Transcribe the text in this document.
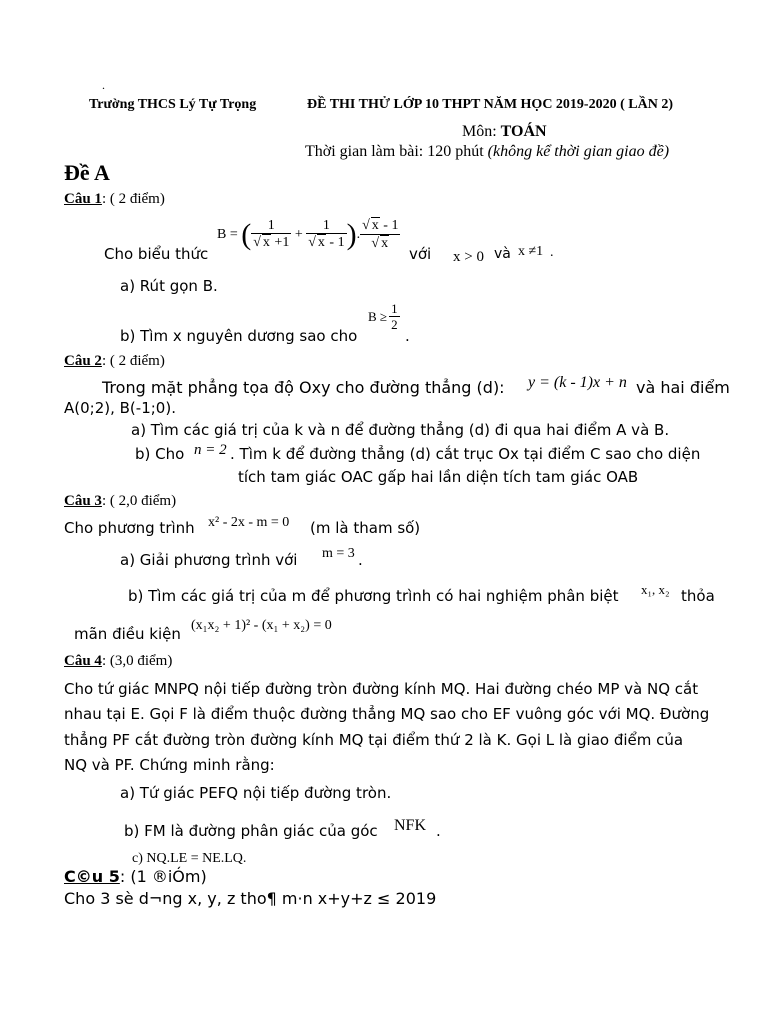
.
Trường THCS Lý Tự Trọng	ĐỀ THI THỬ LỚP 10 THPT NĂM HỌC 2019-2020 ( LẦN 2)
Môn: TOÁN
Thời gian làm bài: 120 phút (không kể thời gian giao đề)
Đề A
Câu 1: ( 2 điểm)
B = ( 1
√ x +1 + 1
√ x - 1 ) .
√ x - 1
√ x
Cho biểu thức	với x > 0 và x ≠1 .
a) Rút gọn B.
b) Tìm x nguyên dương sao cho
$B \ge \frac{1}{2}$
.
Câu 2: ( 2 điểm)
Trong mặt phẳng tọa độ Oxy cho đường thẳng (d): y = (k - 1)x + n và hai điểm
A(0;2), B(-1;0).
a) Tìm các giá trị của k và n để đường thẳng (d) đi qua hai điểm A và B.
b) Cho n = 2 . Tìm k để đường thẳng (d) cắt trục Ox tại điểm C sao cho diện
tích tam giác OAC gấp hai lần diện tích tam giác OAB
Câu 3: ( 2,0 điểm)
Cho phương trình x² - 2x - m = 0 (m là tham số)
a) Giải phương trình với m = 3 .
b) Tìm các giá trị của m để phương trình có hai nghiệm phân biệt x₁, x₂ thỏa
mãn điều kiện (x₁x₂ + 1)² - (x₁ + x₂) = 0
Câu 4: (3,0 điểm)
Cho tứ giác MNPQ nội tiếp đường tròn đường kính MQ. Hai đường chéo MP và NQ cắt
nhau tại E. Gọi F là điểm thuộc đường thẳng MQ sao cho EF vuông góc với MQ. Đường
thẳng PF cắt đường tròn đường kính MQ tại điểm thứ 2 là K. Gọi L là giao điểm của
NQ và PF. Chứng minh rằng:
a) Tứ giác PEFQ nội tiếp đường tròn.
b) FM là đường phân giác của góc NFK .
c) NQ.LE = NE.LQ.
C©u 5: (1 ®iÓm)
Cho 3 sè d¬ng x, y, z tho¶ m·n x+y+z ≤ 2019
